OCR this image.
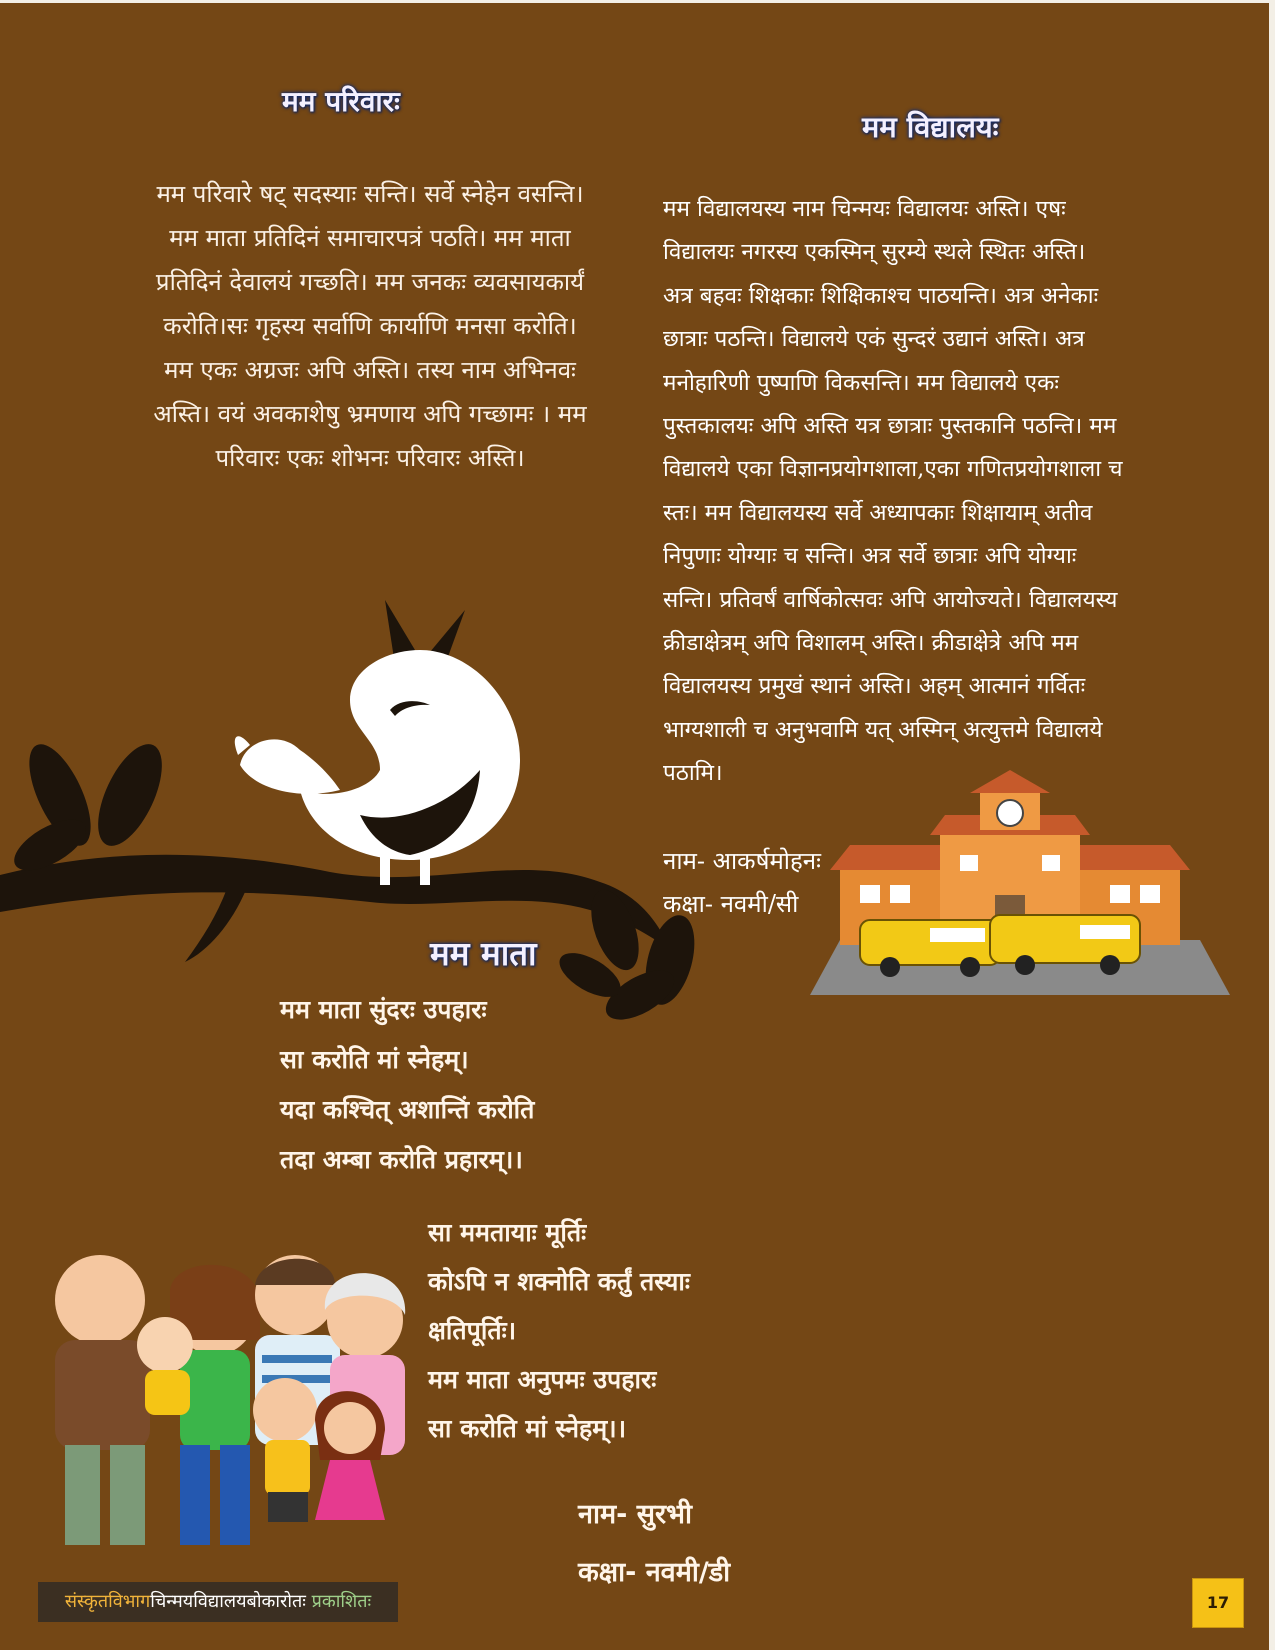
मम परिवारः
मम विद्यालयः
मम माता
मम परिवारे षट् सदस्याः सन्ति। सर्वे स्नेहेन वसन्ति।
मम माता प्रतिदिनं समाचारपत्रं पठति। मम माता
प्रतिदिनं देवालयं गच्छति। मम जनकः व्यवसायकार्यं
करोति।सः गृहस्य सर्वाणि कार्याणि मनसा करोति।
मम एकः अग्रजः अपि अस्ति। तस्य नाम अभिनवः
अस्ति। वयं अवकाशेषु भ्रमणाय अपि गच्छामः । मम
परिवारः एकः शोभनः परिवारः अस्ति।
मम विद्यालयस्य नाम चिन्मयः विद्यालयः अस्ति। एषः
विद्यालयः नगरस्य एकस्मिन् सुरम्ये स्थले स्थितः अस्ति।
अत्र बहवः शिक्षकाः शिक्षिकाश्च पाठयन्ति। अत्र अनेकाः
छात्राः पठन्ति। विद्यालये एकं सुन्दरं उद्यानं अस्ति। अत्र
मनोहारिणी पुष्पाणि विकसन्ति। मम विद्यालये एकः
पुस्तकालयः अपि अस्ति यत्र छात्राः पुस्तकानि पठन्ति। मम
विद्यालये एका विज्ञानप्रयोगशाला,एका गणितप्रयोगशाला च
स्तः। मम विद्यालयस्य सर्वे अध्यापकाः शिक्षायाम् अतीव
निपुणाः योग्याः च सन्ति। अत्र सर्वे छात्राः अपि योग्याः
सन्ति। प्रतिवर्षं वार्षिकोत्सवः अपि आयोज्यते। विद्यालयस्य
क्रीडाक्षेत्रम् अपि विशालम् अस्ति। क्रीडाक्षेत्रे अपि मम
विद्यालयस्य प्रमुखं स्थानं अस्ति। अहम् आत्मानं गर्वितः
भाग्यशाली च अनुभवामि यत् अस्मिन् अत्युत्तमे विद्यालये
पठामि।
नाम- आकर्षमोहनः
कक्षा- नवमी/सी
मम माता सुंदरः उपहारः
सा करोति मां स्नेहम्।
यदा कश्चित् अशान्तिं करोति
तदा अम्बा करोति प्रहारम्।।
सा ममतायाः मूर्तिः
कोऽपि न शक्नोति कर्तुं तस्याः
क्षतिपूर्तिः।
मम माता अनुपमः उपहारः
सा करोति मां स्नेहम्।।
नाम- सुरभी
कक्षा- नवमी/डी
संस्कृतविभागचिन्मयविद्यालयबोकारोतः प्रकाशितः	17
